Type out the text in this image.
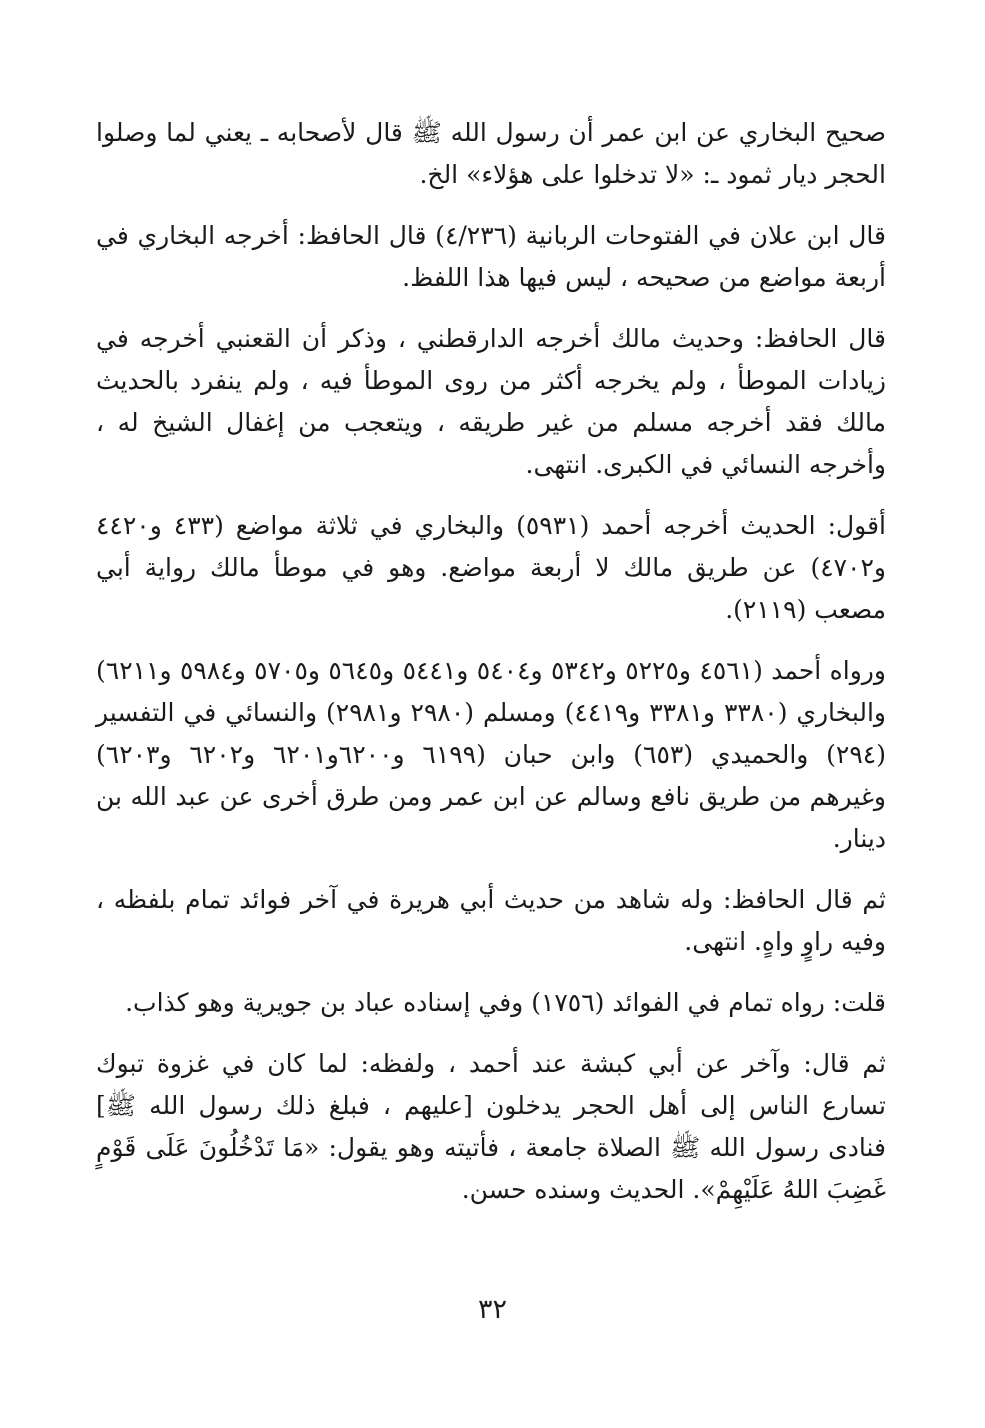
صحيح البخاري عن ابن عمر أن رسول الله ﷺ قال لأصحابه ـ يعني لما وصلوا الحجر ديار ثمود ـ: «لا تدخلوا على هؤلاء» الخ.

قال ابن علان في الفتوحات الربانية (٤/٢٣٦) قال الحافظ: أخرجه البخاري في أربعة مواضع من صحيحه ، ليس فيها هذا اللفظ.

قال الحافظ: وحديث مالك أخرجه الدارقطني ، وذكر أن القعنبي أخرجه في زيادات الموطأ ، ولم يخرجه أكثر من روى الموطأ فيه ، ولم ينفرد بالحديث مالك فقد أخرجه مسلم من غير طريقه ، ويتعجب من إغفال الشيخ له ، وأخرجه النسائي في الكبرى. انتهى.

أقول: الحديث أخرجه أحمد (٥٩٣١) والبخاري في ثلاثة مواضع (٤٣٣ و٤٤٢٠ و٤٧٠٢) عن طريق مالك لا أربعة مواضع. وهو في موطأ مالك رواية أبي مصعب (٢١١٩).

ورواه أحمد (٤٥٦١ و٥٢٢٥ و٥٣٤٢ و٥٤٠٤ و٥٤٤١ و٥٦٤٥ و٥٧٠٥ و٥٩٨٤ و٦٢١١) والبخاري (٣٣٨٠ و٣٣٨١ و٤٤١٩) ومسلم (٢٩٨٠ و٢٩٨١) والنسائي في التفسير (٢٩٤) والحميدي (٦٥٣) وابن حبان (٦١٩٩ و٦٢٠٠و٦٢٠١ و٦٢٠٢ و٦٢٠٣) وغيرهم من طريق نافع وسالم عن ابن عمر ومن طرق أخرى عن عبد الله بن دينار.

ثم قال الحافظ: وله شاهد من حديث أبي هريرة في آخر فوائد تمام بلفظه ، وفيه راوٍ واهٍ. انتهى.

قلت: رواه تمام في الفوائد (١٧٥٦) وفي إسناده عباد بن جويرية وهو كذاب.

ثم قال: وآخر عن أبي كبشة عند أحمد ، ولفظه: لما كان في غزوة تبوك تسارع الناس إلى أهل الحجر يدخلون [عليهم ، فبلغ ذلك رسول الله ﷺ] فنادى رسول الله ﷺ الصلاة جامعة ، فأتيته وهو يقول: «مَا تَدْخُلُونَ عَلَى قَوْمٍ غَضِبَ اللهُ عَلَيْهِمْ». الحديث وسنده حسن.

٣٢
